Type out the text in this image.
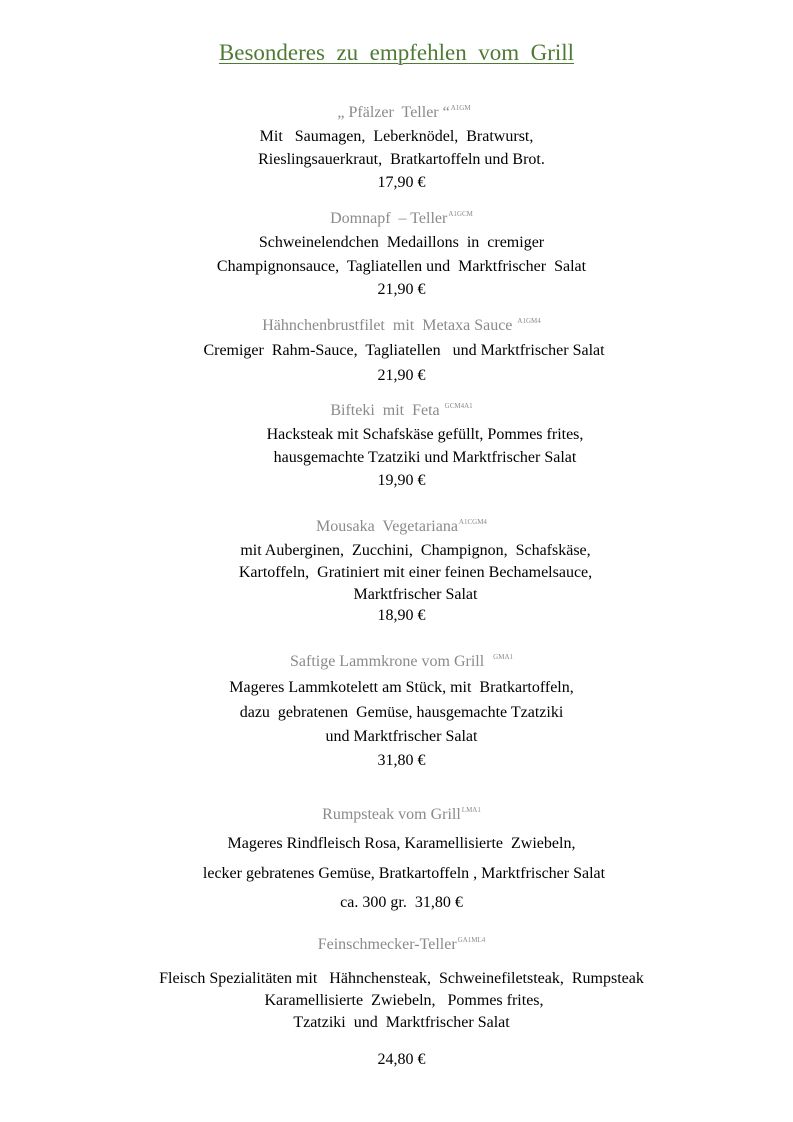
Besonderes  zu  empfehlen  vom  Grill
„ Pfälzer  Teller “$^{A1GM}$
Mit   Saumagen,  Leberknödel,  Bratwurst,
Rieslingsauerkraut,  Bratkartoffeln und Brot.
17,90 €
Domnapf  – Teller$^{A1GCM}$
Schweinelendchen  Medaillons  in  cremiger
Champignonsauce,  Tagliatellen und  Marktfrischer  Salat
21,90 €
Hähnchenbrustfilet  mit  Metaxa Sauce $^{A1GM4}$
Cremiger  Rahm-Sauce,  Tagliatellen   und Marktfrischer Salat
21,90 €
Bifteki  mit  Feta $^{GCM4A1}$
Hacksteak mit Schafskäse gefüllt, Pommes frites,
hausgemachte Tzatziki und Marktfrischer Salat
19,90 €
Mousaka  Vegetariana$^{A1CGM4}$
mit Auberginen,  Zucchini,  Champignon,  Schafskäse,
Kartoffeln,  Gratiniert mit einer feinen Bechamelsauce,
Marktfrischer Salat
18,90 €
Saftige Lammkrone vom Grill  $^{GMA1}$
Mageres Lammkotelett am Stück, mit  Bratkartoffeln,
dazu  gebratenen  Gemüse, hausgemachte Tzatziki
und Marktfrischer Salat
31,80 €
Rumpsteak vom Grill$^{LMA1}$
Mageres Rindfleisch Rosa, Karamellisierte  Zwiebeln,
lecker gebratenes Gemüse, Bratkartoffeln , Marktfrischer Salat
ca. 300 gr.  31,80 €
Feinschmecker-Teller$^{GA1ML4}$
Fleisch Spezialitäten mit   Hähnchensteak,  Schweinefiletsteak,  Rumpsteak
Karamellisierte  Zwiebeln,   Pommes frites,
Tzatziki  und  Marktfrischer Salat
24,80 €
